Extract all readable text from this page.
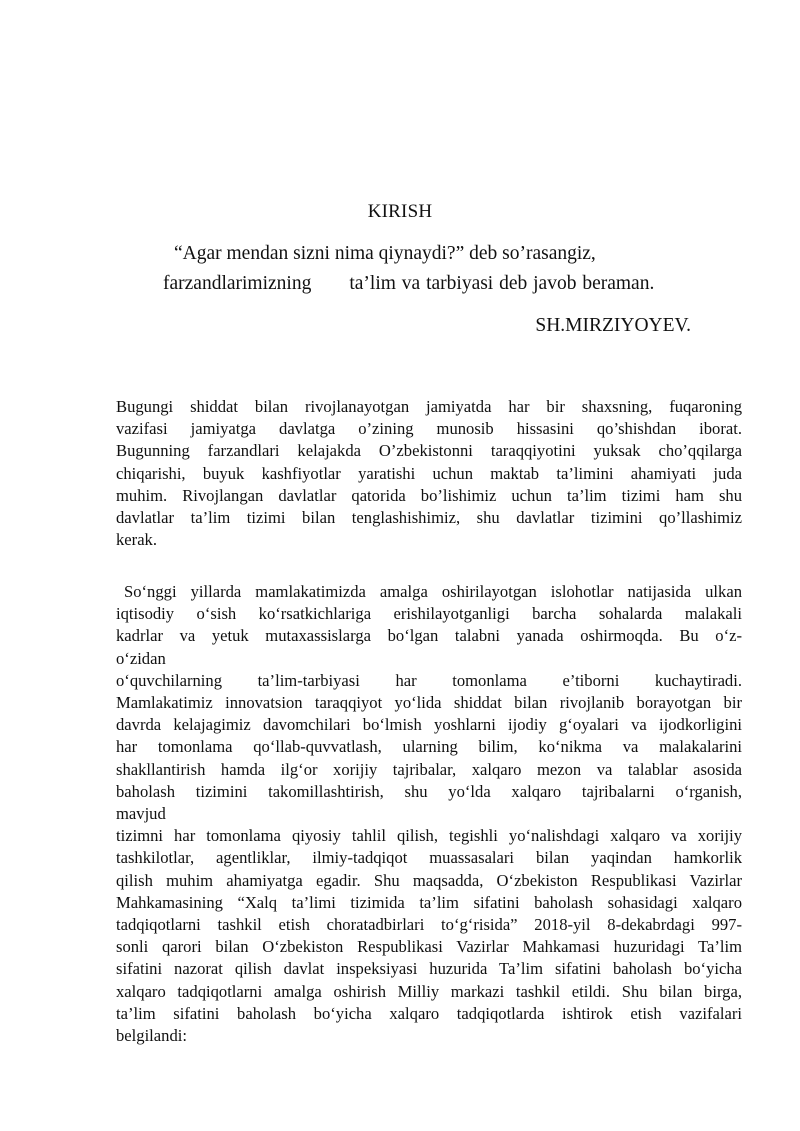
KIRISH
“Agar mendan sizni nima qiynaydi?” deb so’rasangiz,
farzandlarimizning ta’lim va tarbiyasi deb javob beraman.
SH.MIRZIYOYEV.
Bugungi shiddat bilan rivojlanayotgan jamiyatda har bir shaxsning, fuqaroning
vazifasi jamiyatga davlatga o’zining munosib hissasini qo’shishdan iborat.
Bugunning farzandlari kelajakda O’zbekistonni taraqqiyotini yuksak cho’qqilarga
chiqarishi, buyuk kashfiyotlar yaratishi uchun maktab ta’limini ahamiyati juda
muhim. Rivojlangan davlatlar qatorida bo’lishimiz uchun ta’lim tizimi ham shu
davlatlar ta’lim tizimi bilan tenglashishimiz, shu davlatlar tizimini qo’llashimiz
kerak.
So‘nggi yillarda mamlakatimizda amalga oshirilayotgan islohotlar natijasida ulkan
iqtisodiy o‘sish ko‘rsatkichlariga erishilayotganligi barcha sohalarda malakali
kadrlar va yetuk mutaxassislarga bo‘lgan talabni yanada oshirmoqda. Bu o‘z-
o‘zidan
o‘quvchilarning ta’lim-tarbiyasi har tomonlama e’tiborni kuchaytiradi.
Mamlakatimiz innovatsion taraqqiyot yo‘lida shiddat bilan rivojlanib borayotgan bir
davrda kelajagimiz davomchilari bo‘lmish yoshlarni ijodiy g‘oyalari va ijodkorligini
har tomonlama qo‘llab-quvvatlash, ularning bilim, ko‘nikma va malakalarini
shakllantirish hamda ilg‘or xorijiy tajribalar, xalqaro mezon va talablar asosida
baholash tizimini takomillashtirish, shu yo‘lda xalqaro tajribalarni o‘rganish,
mavjud
tizimni har tomonlama qiyosiy tahlil qilish, tegishli yo‘nalishdagi xalqaro va xorijiy
tashkilotlar, agentliklar, ilmiy-tadqiqot muassasalari bilan yaqindan hamkorlik
qilish muhim ahamiyatga egadir. Shu maqsadda, O‘zbekiston Respublikasi Vazirlar
Mahkamasining “Xalq ta’limi tizimida ta’lim sifatini baholash sohasidagi xalqaro
tadqiqotlarni tashkil etish choratadbirlari to‘g‘risida” 2018-yil 8-dekabrdagi 997-
sonli qarori bilan O‘zbekiston Respublikasi Vazirlar Mahkamasi huzuridagi Ta’lim
sifatini nazorat qilish davlat inspeksiyasi huzurida Ta’lim sifatini baholash bo‘yicha
xalqaro tadqiqotlarni amalga oshirish Milliy markazi tashkil etildi. Shu bilan birga,
ta’lim sifatini baholash bo‘yicha xalqaro tadqiqotlarda ishtirok etish vazifalari
belgilandi:
